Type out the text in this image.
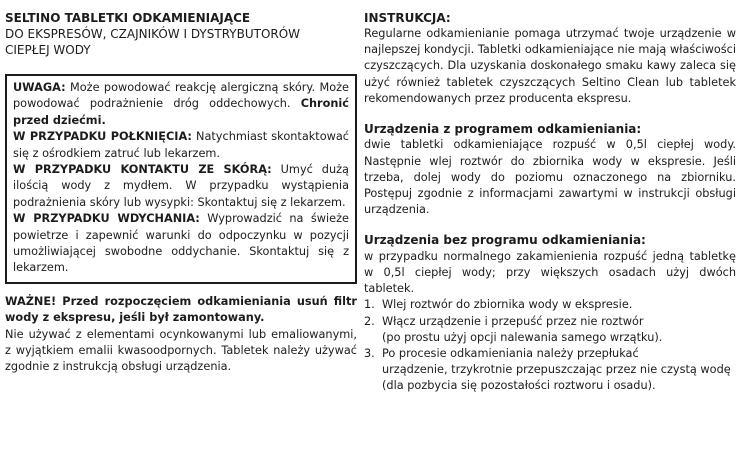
SELTINO TABLETKI ODKAMIENIAJĄCE

DO EKSPRESÓW, CZAJNIKÓW I DYSTRYBUTORÓW

CIEPŁEJ WODY

UWAGA: Może powodować reakcję alergiczną skóry. Może powodować podrażnienie dróg oddechowych. Chronić przed dziećmi.

W PRZYPADKU POŁKNIĘCIA: Natychmiast skontaktować się z ośrodkiem zatruć lub lekarzem.

W PRZYPADKU KONTAKTU ZE SKÓRĄ: Umyć dużą ilością wody z mydłem. W przypadku wystąpienia podrażnienia skóry lub wysypki: Skontaktuj się z lekarzem.

W PRZYPADKU WDYCHANIA: Wyprowadzić na świeże powietrze i zapewnić warunki do odpoczynku w pozycji umożliwiającej swobodne oddychanie. Skontaktuj się z lekarzem.

WAŻNE! Przed rozpoczęciem odkamieniania usuń filtr wody z ekspresu, jeśli był zamontowany.

Nie używać z elementami ocynkowanymi lub emaliowanymi, z wyjątkiem emalii kwasoodpornych. Tabletek należy używać zgodnie z instrukcją obsługi urządzenia.

INSTRUKCJA:

Regularne odkamienianie pomaga utrzymać twoje urządzenie w najlepszej kondycji. Tabletki odkamieniające nie mają właściwości czyszczących. Dla uzyskania doskonałego smaku kawy zaleca się użyć również tabletek czyszczących Seltino Clean lub tabletek rekomendowanych przez producenta ekspresu.

Urządzenia z programem odkamieniania:

dwie tabletki odkamieniające rozpuść w 0,5l ciepłej wody. Następnie wlej roztwór do zbiornika wody w ekspresie. Jeśli trzeba, dolej wody do poziomu oznaczonego na zbiorniku. Postępuj zgodnie z informacjami zawartymi w instrukcji obsługi urządzenia.

Urządzenia bez programu odkamieniania:

w przypadku normalnego zakamienienia rozpuść jedną tabletkę w 0,5l ciepłej wody; przy większych osadach użyj dwóch tabletek.

1. Wlej roztwór do zbiornika wody w ekspresie.
2. Włącz urządzenie i przepuść przez nie roztwór
(po prostu użyj opcji nalewania samego wrzątku).
3. Po procesie odkamieniania należy przepłukać
urządzenie, trzykrotnie przepuszczając przez nie czystą wodę (dla pozbycia się pozostałości roztworu i osadu).
